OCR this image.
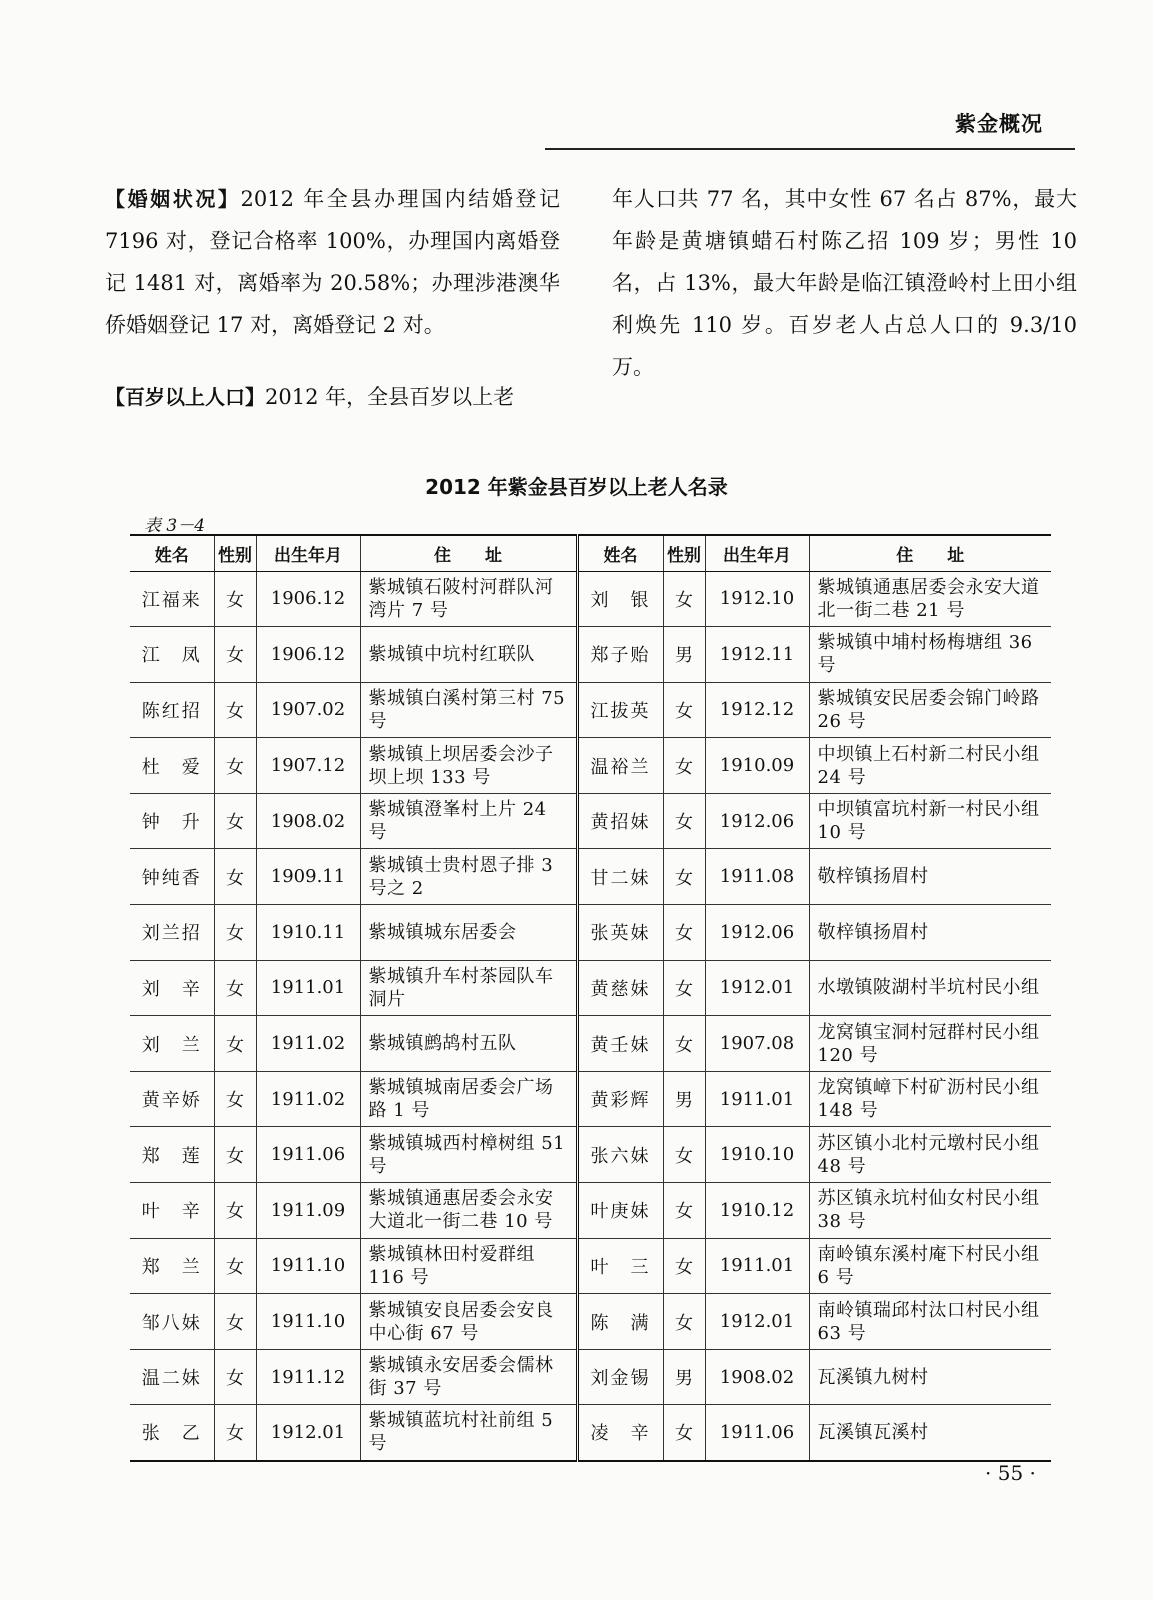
紫金概况
【婚姻状况】2012 年全县办理国内结婚登记 7196 对，登记合格率 100%，办理国内离婚登记 1481 对，离婚率为 20.58%；办理涉港澳华侨婚姻登记 17 对，离婚登记 2 对。
【百岁以上人口】2012 年，全县百岁以上老
年人口共 77 名，其中女性 67 名占 87%，最大年龄是黄塘镇蜡石村陈乙招 109 岁；男性 10 名，占 13%，最大年龄是临江镇澄岭村上田小组利焕先 110 岁。百岁老人占总人口的 9.3/10 万。
2012 年紫金县百岁以上老人名录
表 3－4
姓名	性别	出生年月	住　　址	姓名	性别	出生年月	住　　址
江福来	女	1906.12	紫城镇石陂村河群队河湾片 7 号	刘　银	女	1912.10	紫城镇通惠居委会永安大道北一街二巷 21 号
江　凤	女	1906.12	紫城镇中坑村红联队	郑子贻	男	1912.11	紫城镇中埔村杨梅塘组 36 号
陈红招	女	1907.02	紫城镇白溪村第三村 75 号	江拔英	女	1912.12	紫城镇安民居委会锦门岭路 26 号
杜　爱	女	1907.12	紫城镇上坝居委会沙子坝上坝 133 号	温裕兰	女	1910.09	中坝镇上石村新二村民小组 24 号
钟　升	女	1908.02	紫城镇澄峯村上片 24 号	黄招妹	女	1912.06	中坝镇富坑村新一村民小组 10 号
钟纯香	女	1909.11	紫城镇士贵村恩子排 3 号之 2	甘二妹	女	1911.08	敬梓镇扬眉村
刘兰招	女	1910.11	紫城镇城东居委会	张英妹	女	1912.06	敬梓镇扬眉村
刘　辛	女	1911.01	紫城镇升车村茶园队车洞片	黄慈妹	女	1912.01	水墩镇陂湖村半坑村民小组
刘　兰	女	1911.02	紫城镇鹧鸪村五队	黄壬妹	女	1907.08	龙窝镇宝洞村冠群村民小组 120 号
黄辛娇	女	1911.02	紫城镇城南居委会广场路 1 号	黄彩辉	男	1911.01	龙窝镇嶂下村矿沥村民小组 148 号
郑　莲	女	1911.06	紫城镇城西村樟树组 51 号	张六妹	女	1910.10	苏区镇小北村元墩村民小组 48 号
叶　辛	女	1911.09	紫城镇通惠居委会永安大道北一街二巷 10 号	叶庚妹	女	1910.12	苏区镇永坑村仙女村民小组 38 号
郑　兰	女	1911.10	紫城镇林田村爱群组 116 号	叶　三	女	1911.01	南岭镇东溪村庵下村民小组 6 号
邹八妹	女	1911.10	紫城镇安良居委会安良中心街 67 号	陈　满	女	1912.01	南岭镇瑞邱村汰口村民小组 63 号
温二妹	女	1911.12	紫城镇永安居委会儒林街 37 号	刘金锡	男	1908.02	瓦溪镇九树村
张　乙	女	1912.01	紫城镇蓝坑村社前组 5 号	凌　辛	女	1911.06	瓦溪镇瓦溪村
· 55 ·
